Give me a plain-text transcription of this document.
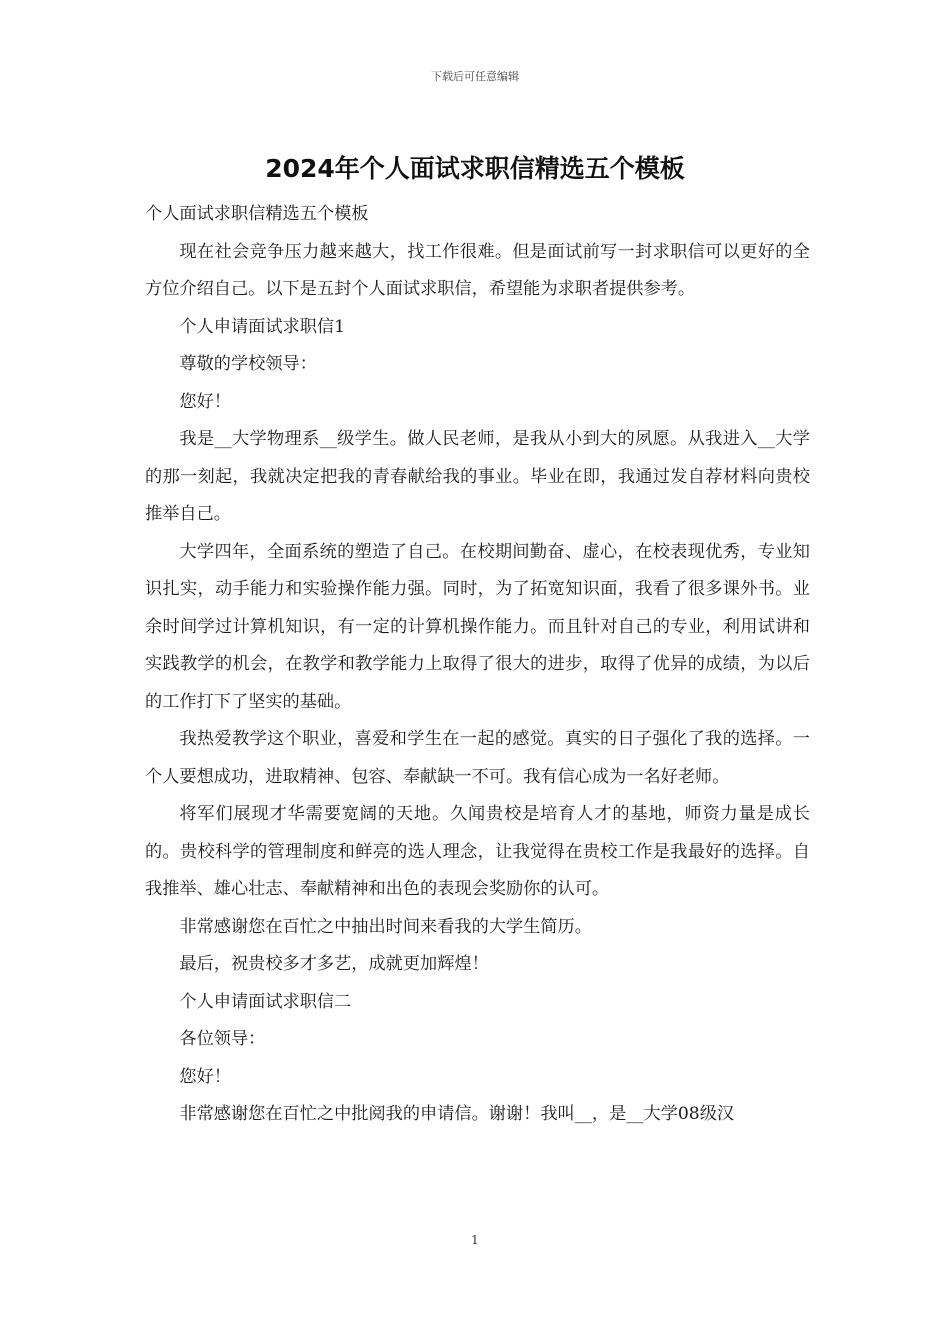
下载后可任意编辑
2024年个人面试求职信精选五个模板

个人面试求职信精选五个模板

现在社会竞争压力越来越大，找工作很难。但是面试前写一封求职信可以更好的全方位介绍自己。以下是五封个人面试求职信，希望能为求职者提供参考。

个人申请面试求职信1

尊敬的学校领导：

您好！

我是__大学物理系__级学生。做人民老师，是我从小到大的夙愿。从我进入__大学的那一刻起，我就决定把我的青春献给我的事业。毕业在即，我通过发自荐材料向贵校推举自己。

大学四年，全面系统的塑造了自己。在校期间勤奋、虚心，在校表现优秀，专业知识扎实，动手能力和实验操作能力强。同时，为了拓宽知识面，我看了很多课外书。业余时间学过计算机知识，有一定的计算机操作能力。而且针对自己的专业，利用试讲和实践教学的机会，在教学和教学能力上取得了很大的进步，取得了优异的成绩，为以后的工作打下了坚实的基础。

我热爱教学这个职业，喜爱和学生在一起的感觉。真实的日子强化了我的选择。一个人要想成功，进取精神、包容、奉献缺一不可。我有信心成为一名好老师。

将军们展现才华需要宽阔的天地。久闻贵校是培育人才的基地，师资力量是成长的。贵校科学的管理制度和鲜亮的选人理念，让我觉得在贵校工作是我最好的选择。自我推举、雄心壮志、奉献精神和出色的表现会奖励你的认可。

非常感谢您在百忙之中抽出时间来看我的大学生简历。

最后，祝贵校多才多艺，成就更加辉煌！

个人申请面试求职信二

各位领导：

您好！

非常感谢您在百忙之中批阅我的申请信。谢谢！我叫__，是__大学08级汉

1
